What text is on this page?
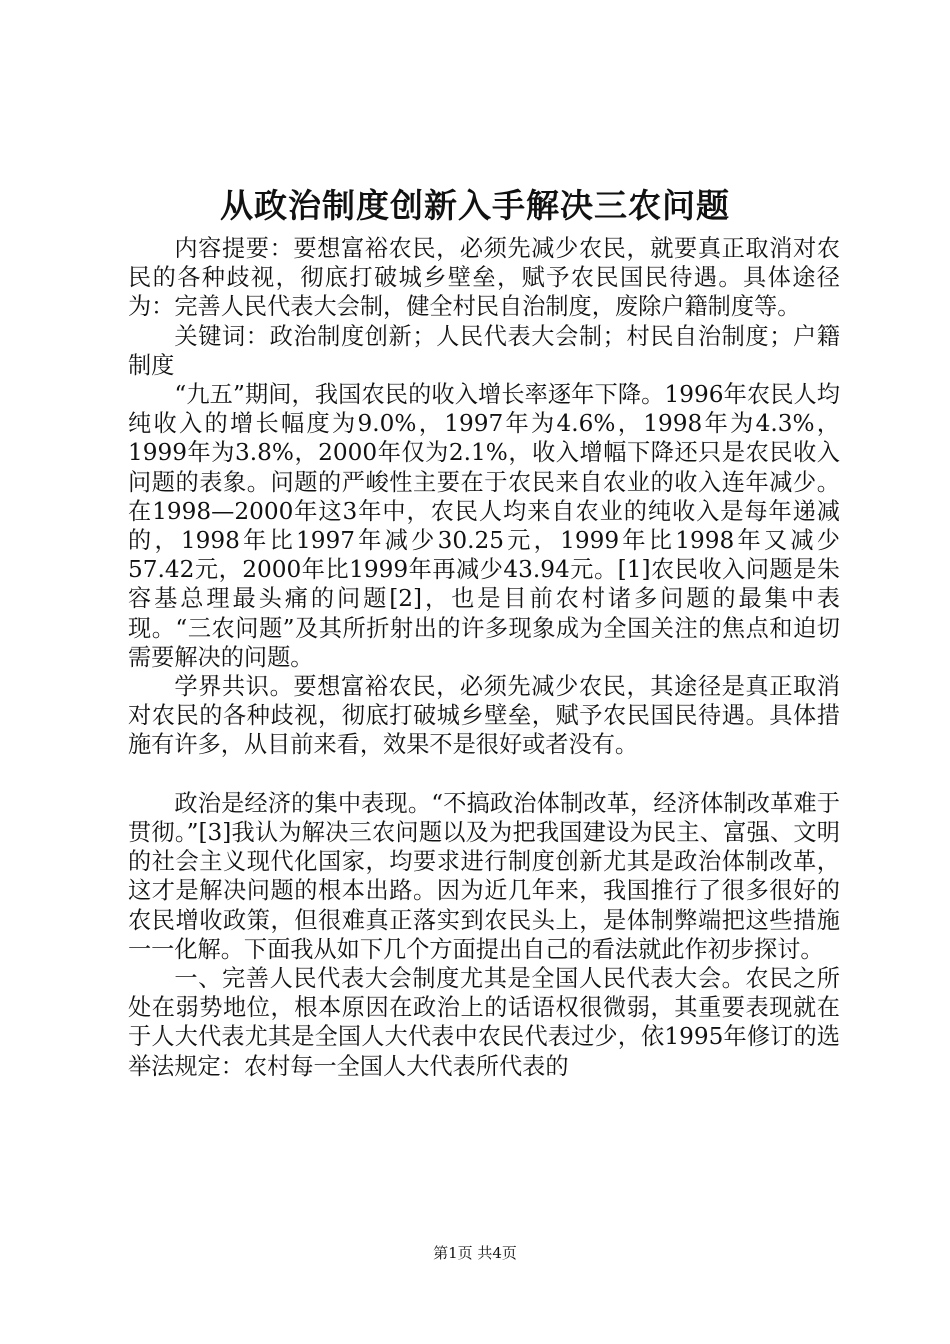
从政治制度创新入手解决三农问题

内容提要：要想富裕农民，必须先减少农民，就要真正取消对农民的各种歧视，彻底打破城乡壁垒，赋予农民国民待遇。具体途径为：完善人民代表大会制，健全村民自治制度，废除户籍制度等。

关键词：政治制度创新；人民代表大会制；村民自治制度；户籍制度

“九五”期间，我国农民的收入增长率逐年下降。1996年农民人均纯收入的增长幅度为9.0%，1997年为4.6%，1998年为4.3%，1999年为3.8%，2000年仅为2.1%，收入增幅下降还只是农民收入问题的表象。问题的严峻性主要在于农民来自农业的收入连年减少。在1998—2000年这3年中，农民人均来自农业的纯收入是每年递减的，1998年比1997年减少30.25元，1999年比1998年又减少57.42元，2000年比1999年再减少43.94元。[1]农民收入问题是朱容基总理最头痛的问题[2]，也是目前农村诸多问题的最集中表现。“三农问题”及其所折射出的许多现象成为全国关注的焦点和迫切需要解决的问题。

学界共识。要想富裕农民，必须先减少农民，其途径是真正取消对农民的各种歧视，彻底打破城乡壁垒，赋予农民国民待遇。具体措施有许多，从目前来看，效果不是很好或者没有。

政治是经济的集中表现。“不搞政治体制改革，经济体制改革难于贯彻。”[3]我认为解决三农问题以及为把我国建设为民主、富强、文明的社会主义现代化国家，均要求进行制度创新尤其是政治体制改革，这才是解决问题的根本出路。因为近几年来，我国推行了很多很好的农民增收政策，但很难真正落实到农民头上，是体制弊端把这些措施一一化解。下面我从如下几个方面提出自己的看法就此作初步探讨。

一、完善人民代表大会制度尤其是全国人民代表大会。农民之所处在弱势地位，根本原因在政治上的话语权很微弱，其重要表现就在于人大代表尤其是全国人大代表中农民代表过少，依1995年修订的选举法规定：农村每一全国人大代表所代表的

第1页 共4页
